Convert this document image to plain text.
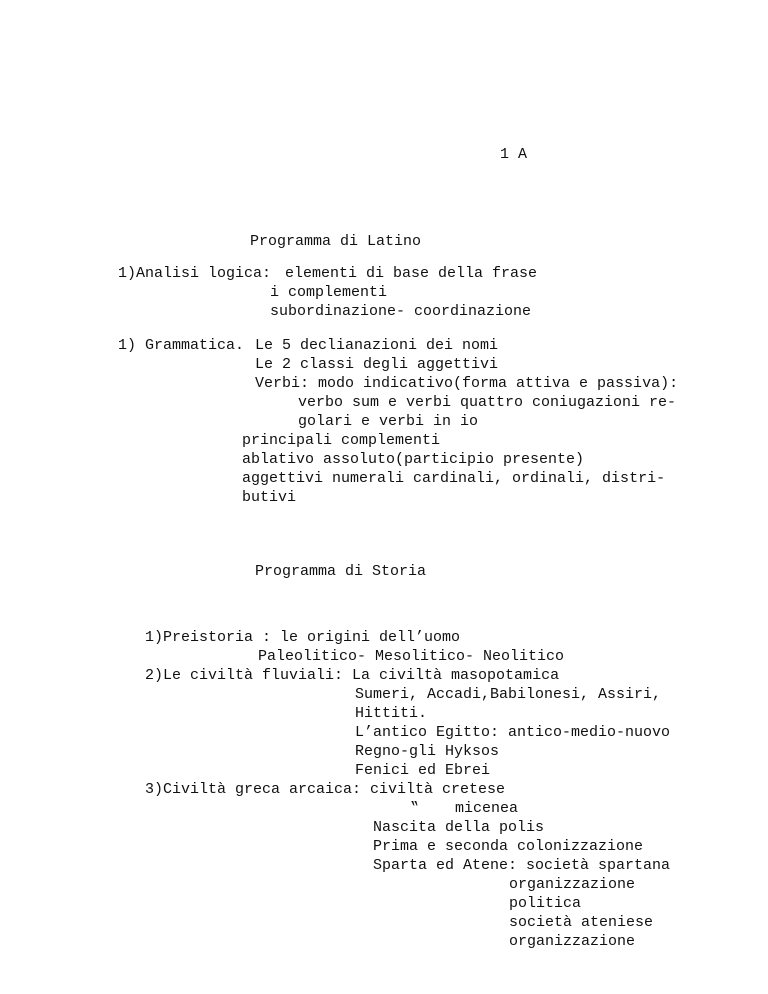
1 A
Programma di Latino
1)Analisi logica: elementi di base della frase
i complementi
subordinazione- coordinazione
1) Grammatica. Le 5 declianazioni dei nomi
Le 2 classi degli aggettivi
Verbi: modo indicativo(forma attiva e passiva):
verbo sum e verbi quattro coniugazioni re-
golari e verbi in io
principali complementi
ablativo assoluto(participio presente)
aggettivi numerali cardinali, ordinali, distri-
butivi
Programma di Storia
1)Preistoria : le origini dell’uomo
Paleolitico- Mesolitico- Neolitico
2)Le civiltà fluviali: La civiltà masopotamica
Sumeri, Accadi,Babilonesi, Assiri,
Hittiti.
L’antico Egitto: antico-medio-nuovo
Regno-gli Hyksos
Fenici ed Ebrei
3)Civiltà greca arcaica: civiltà cretese
‟    micenea
Nascita della polis
Prima e seconda colonizzazione
Sparta ed Atene: società spartana
organizzazione
politica
società ateniese
organizzazione
